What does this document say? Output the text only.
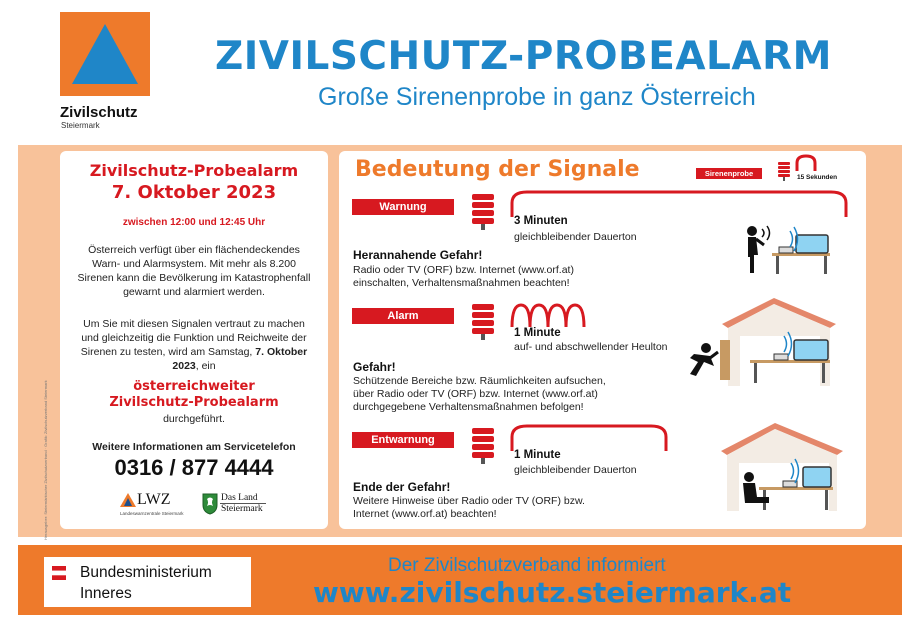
Zivilschutz
Steiermark
ZIVILSCHUTZ-PROBEALARM
Große Sirenenprobe in ganz Österreich
Herausgeber: Steiermärkischer Zivilschutzverband · Grafik: Zivilschutzverband Steiermark
Zivilschutz-Probealarm
7. Oktober 2023
zwischen 12:00 und 12:45 Uhr
Österreich verfügt über ein flächendeckendes Warn- und Alarmsystem. Mit mehr als 8.200 Sirenen kann die Bevölkerung im Katastrophenfall gewarnt und alarmiert werden.
Um Sie mit diesen Signalen vertraut zu machen und gleichzeitig die Funktion und Reichweite der Sirenen zu testen, wird am Samstag, 7. Oktober 2023, ein
österreichweiter
Zivilschutz-Probealarm
durchgeführt.
Weitere Informationen am Servicetelefon
0316 / 877 4444
LWZ
Landeswarnzentrale Steiermark
Das Land
Steiermark
Bedeutung der Signale	Sirenenprobe	15 Sekunden
Warnung
3 Minuten
gleichbleibender Dauerton
Herannahende Gefahr!
Radio oder TV (ORF) bzw. Internet (www.orf.at)
einschalten, Verhaltensmaßnahmen beachten!
Alarm
1 Minute
auf- und abschwellender Heulton
Gefahr!
Schützende Bereiche bzw. Räumlichkeiten aufsuchen,
über Radio oder TV (ORF) bzw. Internet (www.orf.at)
durchgegebene Verhaltensmaßnahmen befolgen!
Entwarnung
1 Minute
gleichbleibender Dauerton
Ende der Gefahr!
Weitere Hinweise über Radio oder TV (ORF) bzw.
Internet (www.orf.at) beachten!
Bundesministerium
Inneres
Der Zivilschutzverband informiert
www.zivilschutz.steiermark.at
